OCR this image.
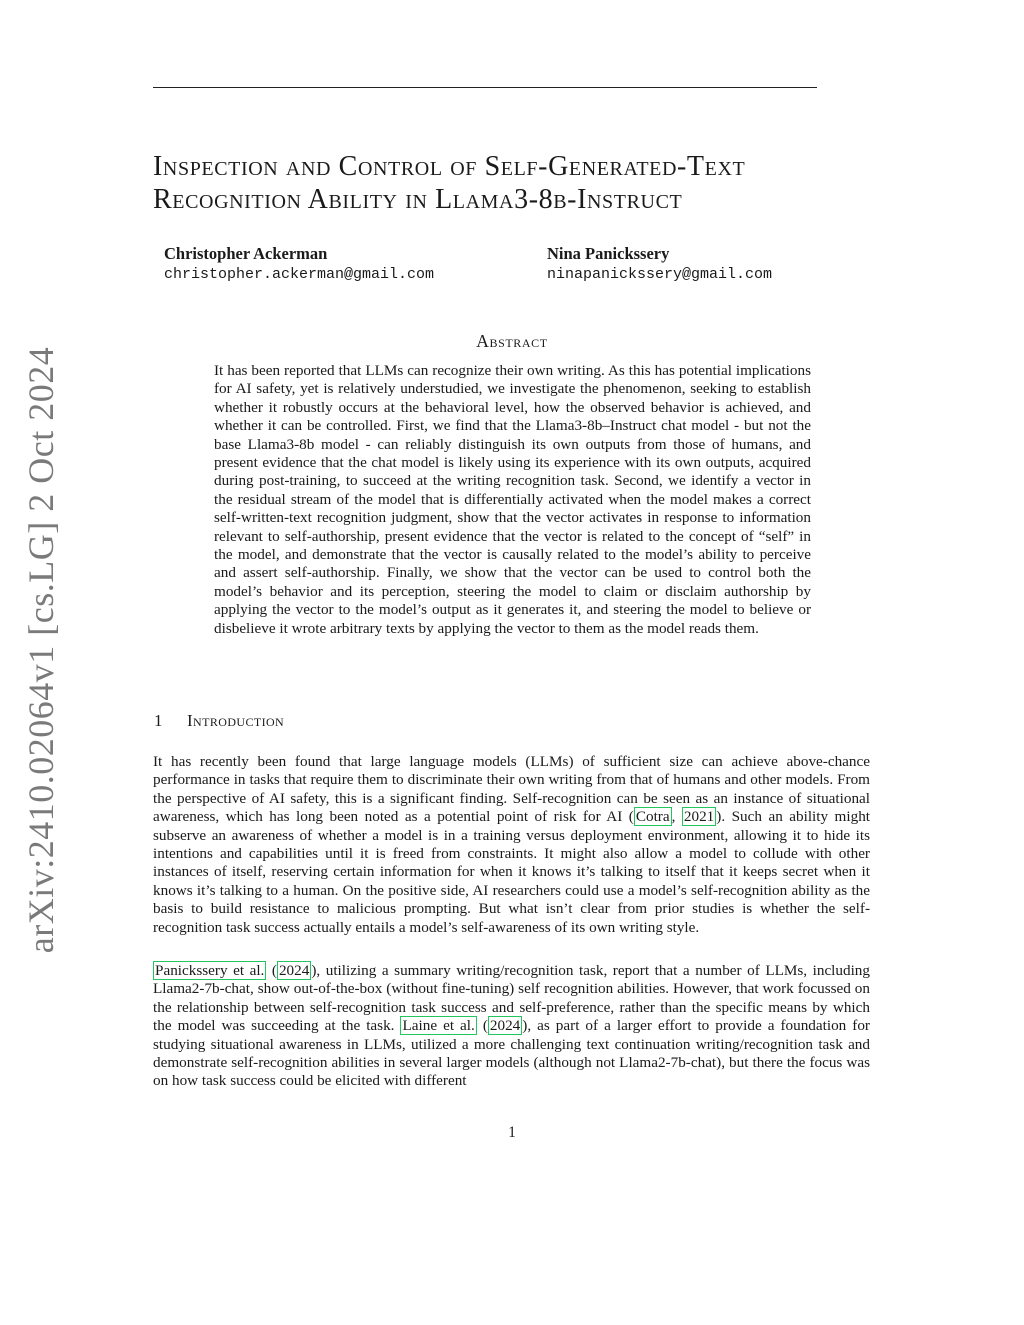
arXiv:2410.02064v1 [cs.LG] 2 Oct 2024
Inspection and Control of Self-Generated-Text
Recognition Ability in Llama3-8b-Instruct
Christopher Ackerman
christopher.ackerman@gmail.com
Nina Panickssery
ninapanickssery@gmail.com
Abstract
It has been reported that LLMs can recognize their own writing. As this has potential implications for AI safety, yet is relatively understudied, we investigate the phenomenon, seeking to establish whether it robustly occurs at the behavioral level, how the observed behavior is achieved, and whether it can be controlled. First, we find that the Llama3-8b–Instruct chat model - but not the base Llama3-8b model - can reliably distinguish its own outputs from those of humans, and present evidence that the chat model is likely using its experience with its own outputs, acquired during post-training, to succeed at the writing recognition task. Second, we identify a vector in the residual stream of the model that is differentially activated when the model makes a correct self-written-text recognition judgment, show that the vector activates in response to information relevant to self-authorship, present evidence that the vector is related to the concept of “self” in the model, and demonstrate that the vector is causally related to the model’s ability to perceive and assert self-authorship. Finally, we show that the vector can be used to control both the model’s behavior and its perception, steering the model to claim or disclaim authorship by applying the vector to the model’s output as it generates it, and steering the model to believe or disbelieve it wrote arbitrary texts by applying the vector to them as the model reads them.
1 Introduction
It has recently been found that large language models (LLMs) of sufficient size can achieve above-chance performance in tasks that require them to discriminate their own writing from that of humans and other models. From the perspective of AI safety, this is a significant finding. Self-recognition can be seen as an instance of situational awareness, which has long been noted as a potential point of risk for AI ( Cotra , 2021 ). Such an ability might subserve an awareness of whether a model is in a training versus deployment environment, allowing it to hide its intentions and capabilities until it is freed from constraints. It might also allow a model to collude with other instances of itself, reserving certain information for when it knows it’s talking to itself that it keeps secret when it knows it’s talking to a human. On the positive side, AI researchers could use a model’s self-recognition ability as the basis to build resistance to malicious prompting. But what isn’t clear from prior studies is whether the self-recognition task success actually entails a model’s self-awareness of its own writing style.
Panickssery et al. ( 2024 ), utilizing a summary writing/recognition task, report that a number of LLMs, including Llama2-7b-chat, show out-of-the-box (without fine-tuning) self recognition abilities. However, that work focussed on the relationship between self-recognition task success and self-preference, rather than the specific means by which the model was succeeding at the task. Laine et al. ( 2024 ), as part of a larger effort to provide a foundation for studying situational awareness in LLMs, utilized a more challenging text continuation writing/recognition task and demonstrate self-recognition abilities in several larger models (although not Llama2-7b-chat), but there the focus was on how task success could be elicited with different
1
